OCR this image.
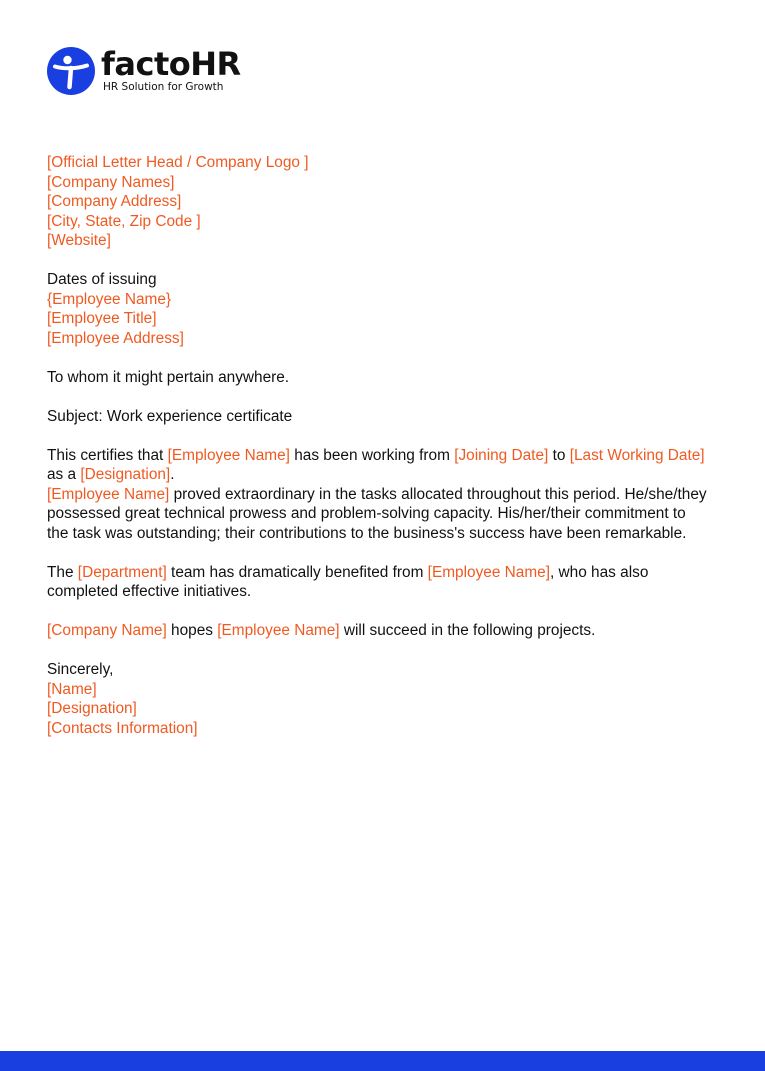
factoHR
HR Solution for Growth

[Official Letter Head / Company Logo ]

[Company Names]

[Company Address]

[City, State, Zip Code ]

[Website]

Dates of issuing

{Employee Name}

[Employee Title]

[Employee Address]

To whom it might pertain anywhere.

Subject: Work experience certificate

This certifies that [Employee Name] has been working from [Joining Date] to [Last Working Date] as a [Designation].

[Employee Name] proved extraordinary in the tasks allocated throughout this period. He/she/they possessed great technical prowess and problem-solving capacity. His/her/their commitment to the task was outstanding; their contributions to the business's success have been remarkable.

The [Department] team has dramatically benefited from [Employee Name], who has also completed effective initiatives.

[Company Name] hopes [Employee Name] will succeed in the following projects.

Sincerely,

[Name]

[Designation]

[Contacts Information]
